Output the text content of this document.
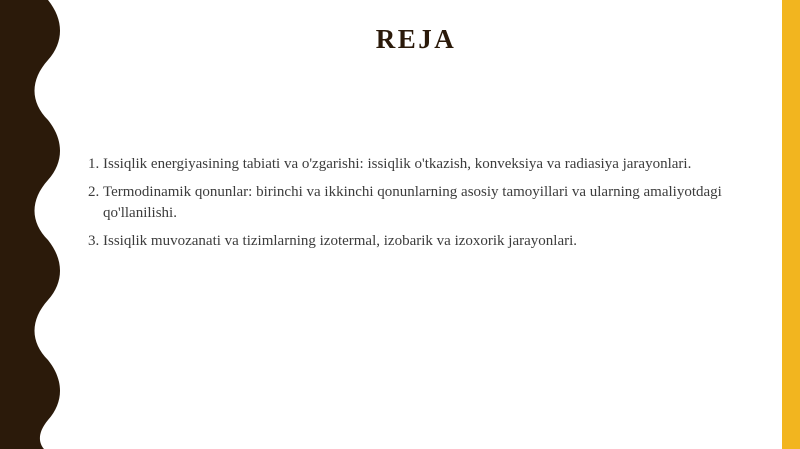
REJA
1. Issiqlik energiyasining tabiati va o'zgarishi: issiqlik o'tkazish, konveksiya va radiasiya jarayonlari.
2. Termodinamik qonunlar: birinchi va ikkinchi qonunlarning asosiy tamoyillari va ularning amaliyotdagi qo'llanilishi.
3. Issiqlik muvozanati va tizimlarning izotermal, izobarik va izoxorik jarayonlari.
